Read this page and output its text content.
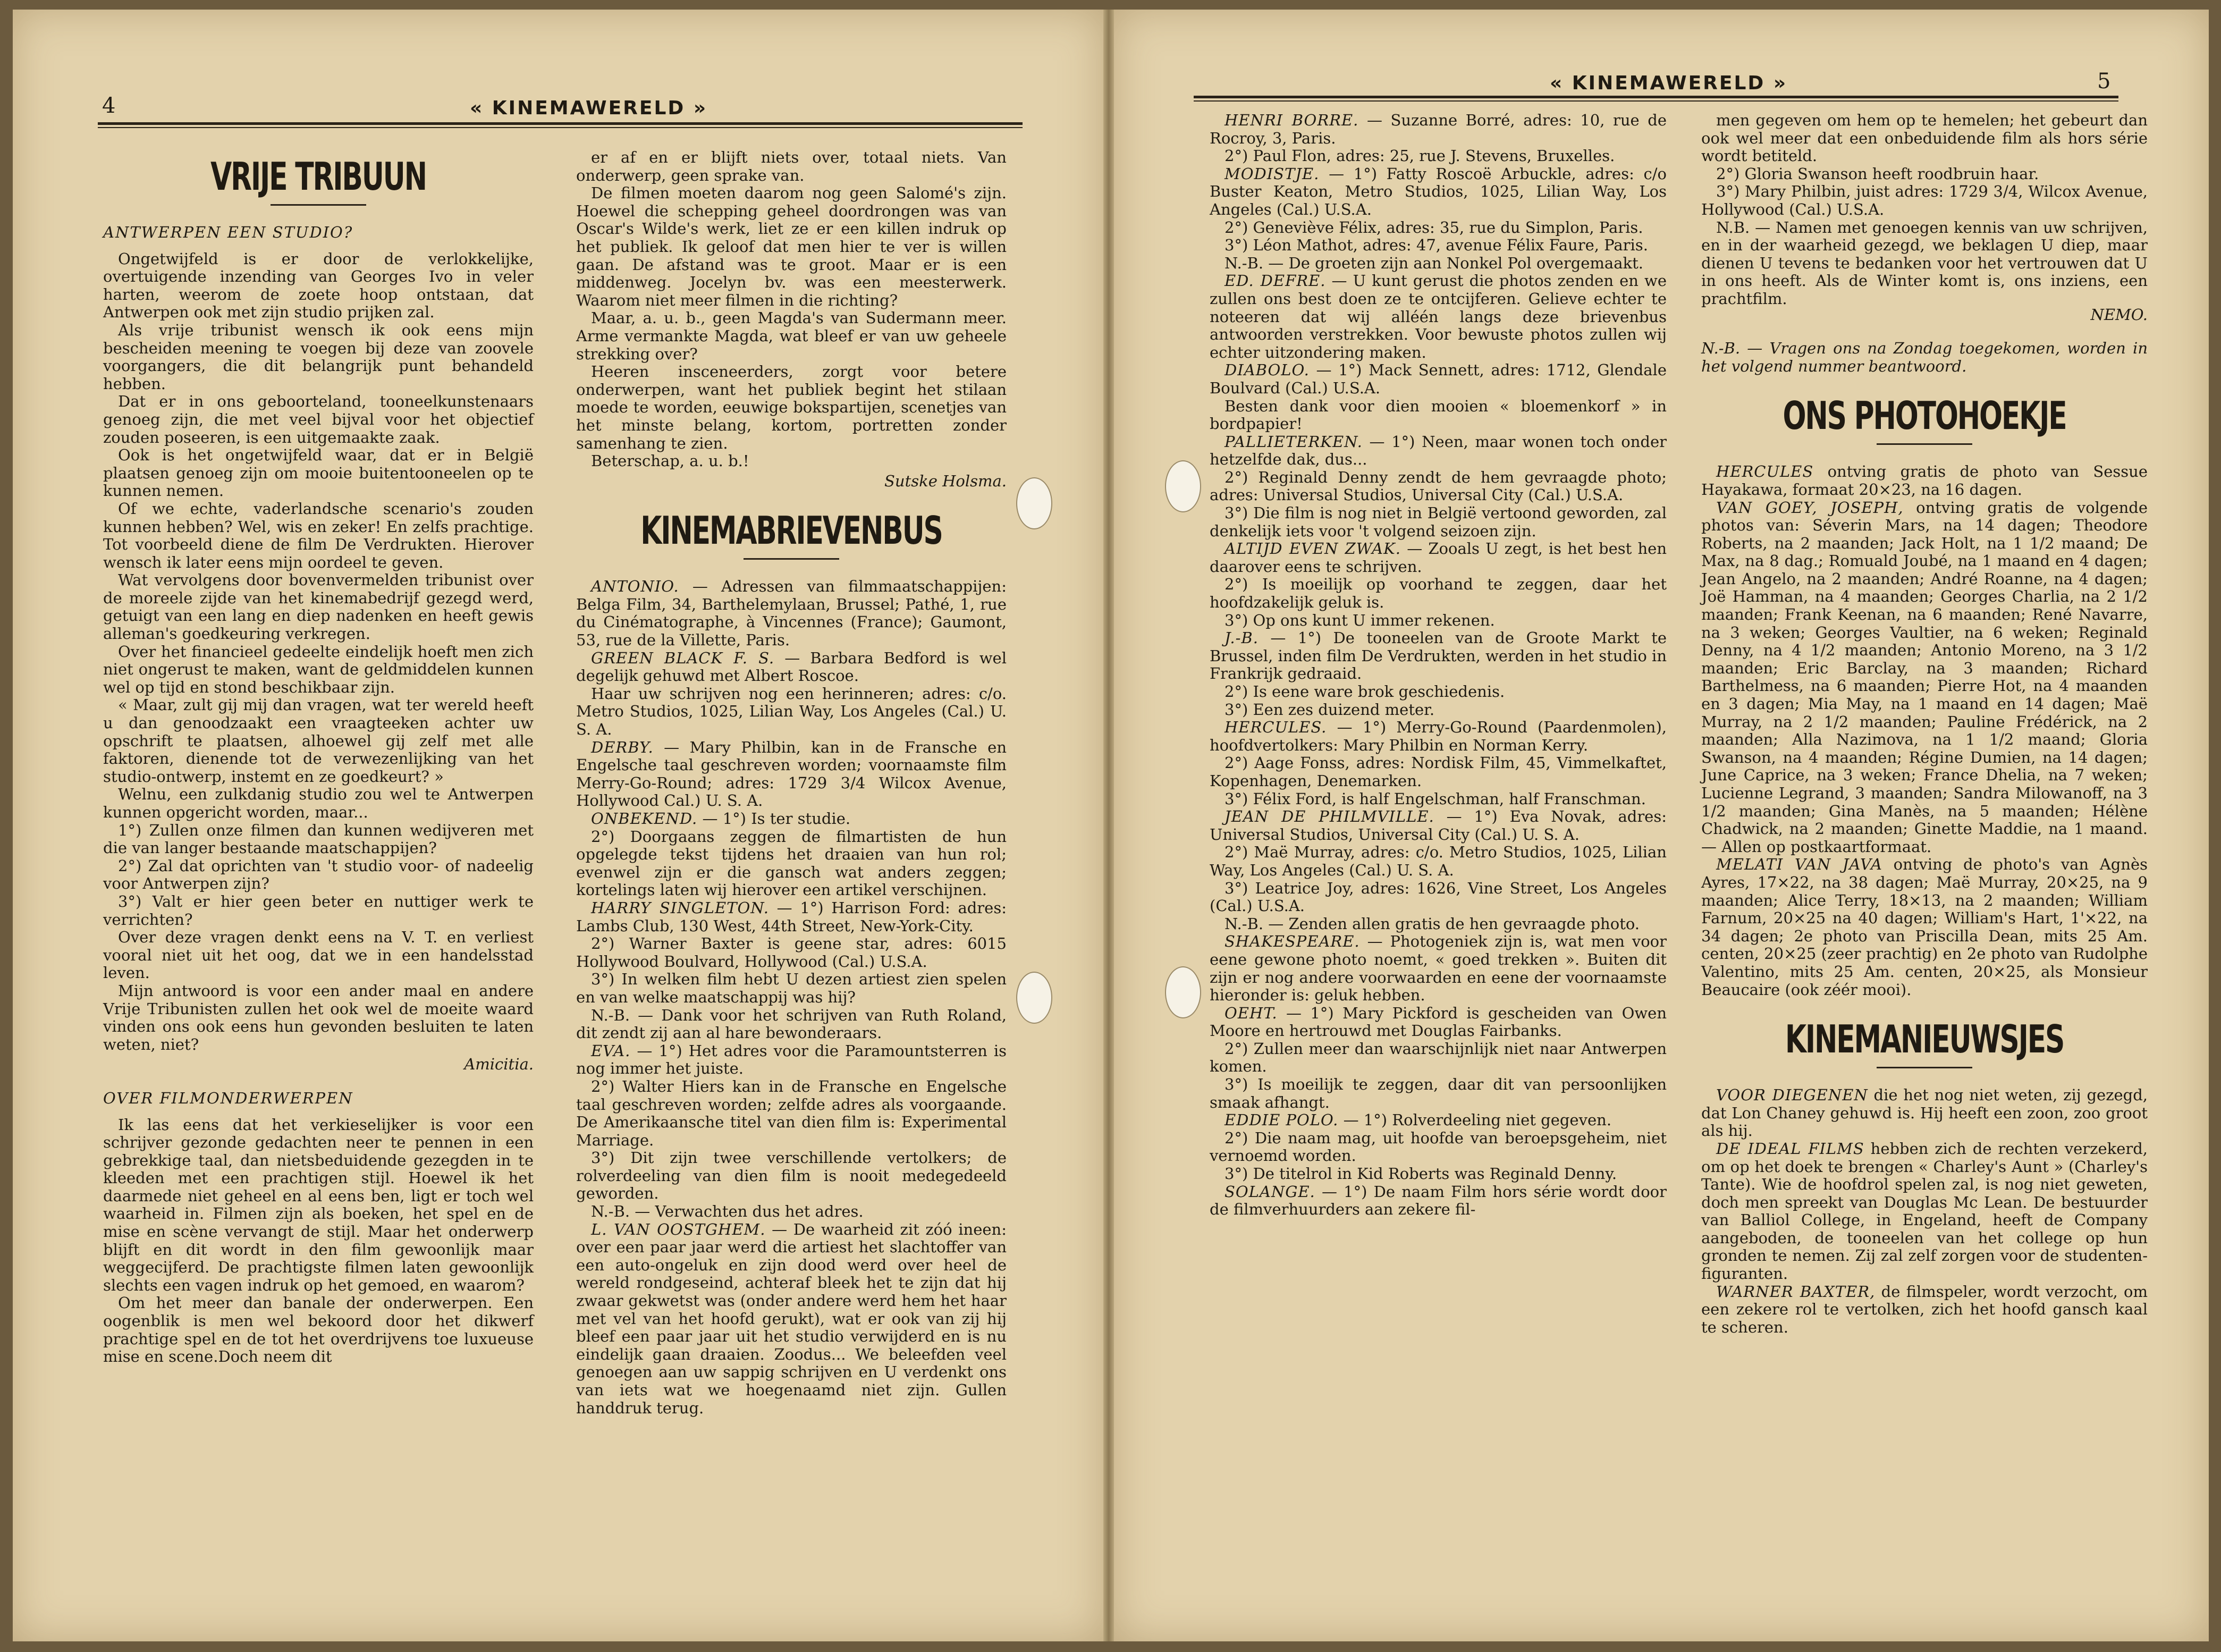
4	« KINEMAWERELD »
VRIJE TRIBUUN

ANTWERPEN EEN STUDIO?

Ongetwijfeld is er door de verlokkelijke, overtuigende inzending van Georges Ivo in veler harten, weerom de zoete hoop ontstaan, dat Antwerpen ook met zijn studio prijken zal.

Als vrije tribunist wensch ik ook eens mijn bescheiden meening te voegen bij deze van zoovele voorgangers, die dit belangrijk punt behandeld hebben.

Dat er in ons geboorteland, tooneelkunstenaars genoeg zijn, die met veel bijval voor het objectief zouden poseeren, is een uitgemaakte zaak.

Ook is het ongetwijfeld waar, dat er in België plaatsen genoeg zijn om mooie buitentooneelen op te kunnen nemen.

Of we echte, vaderlandsche scenario's zouden kunnen hebben? Wel, wis en zeker! En zelfs prachtige. Tot voorbeeld diene de film De Verdrukten. Hierover wensch ik later eens mijn oordeel te geven.

Wat vervolgens door bovenvermelden tribunist over de moreele zijde van het kinemabedrijf gezegd werd, getuigt van een lang en diep nadenken en heeft gewis alleman's goedkeuring verkregen.

Over het financieel gedeelte eindelijk hoeft men zich niet ongerust te maken, want de geldmiddelen kunnen wel op tijd en stond beschikbaar zijn.

« Maar, zult gij mij dan vragen, wat ter wereld heeft u dan genoodzaakt een vraagteeken achter uw opschrift te plaatsen, alhoewel gij zelf met alle faktoren, dienende tot de verwezenlijking van het studio-ontwerp, instemt en ze goedkeurt? »

Welnu, een zulkdanig studio zou wel te Antwerpen kunnen opgericht worden, maar...

1°) Zullen onze filmen dan kunnen wedijveren met die van langer bestaande maatschappijen?

2°) Zal dat oprichten van 't studio voor- of nadeelig voor Antwerpen zijn?

3°) Valt er hier geen beter en nuttiger werk te verrichten?

Over deze vragen denkt eens na V. T. en verliest vooral niet uit het oog, dat we in een handelsstad leven.

Mijn antwoord is voor een ander maal en andere Vrije Tribunisten zullen het ook wel de moeite waard vinden ons ook eens hun gevonden besluiten te laten weten, niet?

Amicitia.

OVER FILMONDERWERPEN

Ik las eens dat het verkieselijker is voor een schrijver gezonde gedachten neer te pennen in een gebrekkige taal, dan nietsbeduidende gezegden in te kleeden met een prachtigen stijl. Hoewel ik het daarmede niet geheel en al eens ben, ligt er toch wel waarheid in. Filmen zijn als boeken, het spel en de mise en scène vervangt de stijl. Maar het onderwerp blijft en dit wordt in den film gewoonlijk maar weggecijferd. De prachtigste filmen laten gewoonlijk slechts een vagen indruk op het gemoed, en waarom?

Om het meer dan banale der onderwerpen. Een oogenblik is men wel bekoord door het dikwerf prachtige spel en de tot het overdrijvens toe luxueuse mise en scene.Doch neem dit

er af en er blijft niets over, totaal niets. Van onderwerp, geen sprake van.

De filmen moeten daarom nog geen Salomé's zijn. Hoewel die schepping geheel doordrongen was van Oscar's Wilde's werk, liet ze er een killen indruk op het publiek. Ik geloof dat men hier te ver is willen gaan. De afstand was te groot. Maar er is een middenweg. Jocelyn bv. was een meesterwerk. Waarom niet meer filmen in die richting?

Maar, a. u. b., geen Magda's van Sudermann meer. Arme vermankte Magda, wat bleef er van uw geheele strekking over?

Heeren insceneerders, zorgt voor betere onderwerpen, want het publiek begint het stilaan moede te worden, eeuwige bokspartijen, scenetjes van het minste belang, kortom, portretten zonder samenhang te zien.

Beterschap, a. u. b.!

Sutske Holsma.

KINEMABRIEVENBUS

ANTONIO. — Adressen van filmmaatschappijen: Belga Film, 34, Barthelemylaan, Brussel; Pathé, 1, rue du Cinématographe, à Vincennes (France); Gaumont, 53, rue de la Villette, Paris.

GREEN BLACK F. S. — Barbara Bedford is wel degelijk gehuwd met Albert Roscoe.

Haar uw schrijven nog een herinneren; adres: c/o. Metro Studios, 1025, Lilian Way, Los Angeles (Cal.) U. S. A.

DERBY. — Mary Philbin, kan in de Fransche en Engelsche taal geschreven worden; voornaamste film Merry-Go-Round; adres: 1729 3/4 Wilcox Avenue, Hollywood Cal.) U. S. A.

ONBEKEND. — 1°) Is ter studie.

2°) Doorgaans zeggen de filmartisten de hun opgelegde tekst tijdens het draaien van hun rol; evenwel zijn er die gansch wat anders zeggen; kortelings laten wij hierover een artikel verschijnen.

HARRY SINGLETON. — 1°) Harrison Ford: adres: Lambs Club, 130 West, 44th Street, New-York-City.

2°) Warner Baxter is geene star, adres: 6015 Hollywood Boulvard, Hollywood (Cal.) U.S.A.

3°) In welken film hebt U dezen artiest zien spelen en van welke maatschappij was hij?

N.-B. — Dank voor het schrijven van Ruth Roland, dit zendt zij aan al hare bewonderaars.

EVA. — 1°) Het adres voor die Paramountsterren is nog immer het juiste.

2°) Walter Hiers kan in de Fransche en Engelsche taal geschreven worden; zelfde adres als voorgaande. De Amerikaansche titel van dien film is: Experimental Marriage.

3°) Dit zijn twee verschillende vertolkers; de rolverdeeling van dien film is nooit medegedeeld geworden.

N.-B. — Verwachten dus het adres.

L. VAN OOSTGHEM. — De waarheid zit zóó ineen: over een paar jaar werd die artiest het slachtoffer van een auto-ongeluk en zijn dood werd over heel de wereld rondgeseind, achteraf bleek het te zijn dat hij zwaar gekwetst was (onder andere werd hem het haar met vel van het hoofd gerukt), wat er ook van zij hij bleef een paar jaar uit het studio verwijderd en is nu eindelijk gaan draaien. Zoodus... We beleefden veel genoegen aan uw sappig schrijven en U verdenkt ons van iets wat we hoegenaamd niet zijn. Gullen handdruk terug.

« KINEMAWERELD »	5

HENRI BORRE. — Suzanne Borré, adres: 10, rue de Rocroy, 3, Paris.

2°) Paul Flon, adres: 25, rue J. Stevens, Bruxelles.

MODISTJE. — 1°) Fatty Roscoë Arbuckle, adres: c/o Buster Keaton, Metro Studios, 1025, Lilian Way, Los Angeles (Cal.) U.S.A.

2°) Geneviève Félix, adres: 35, rue du Simplon, Paris.

3°) Léon Mathot, adres: 47, avenue Félix Faure, Paris.

N.-B. — De groeten zijn aan Nonkel Pol overgemaakt.

ED. DEFRE. — U kunt gerust die photos zenden en we zullen ons best doen ze te ontcijferen. Gelieve echter te noteeren dat wij alléén langs deze brievenbus antwoorden verstrekken. Voor bewuste photos zullen wij echter uitzondering maken.

DIABOLO. — 1°) Mack Sennett, adres: 1712, Glendale Boulvard (Cal.) U.S.A.

Besten dank voor dien mooien « bloemenkorf » in bordpapier!

PALLIETERKEN. — 1°) Neen, maar wonen toch onder hetzelfde dak, dus...

2°) Reginald Denny zendt de hem gevraagde photo; adres: Universal Studios, Universal City (Cal.) U.S.A.

3°) Die film is nog niet in België vertoond geworden, zal denkelijk iets voor 't volgend seizoen zijn.

ALTIJD EVEN ZWAK. — Zooals U zegt, is het best hen daarover eens te schrijven.

2°) Is moeilijk op voorhand te zeggen, daar het hoofdzakelijk geluk is.

3°) Op ons kunt U immer rekenen.

J.-B. — 1°) De tooneelen van de Groote Markt te Brussel, inden film De Verdrukten, werden in het studio in Frankrijk gedraaid.

2°) Is eene ware brok geschiedenis.

3°) Een zes duizend meter.

HERCULES. — 1°) Merry-Go-Round (Paardenmolen), hoofdvertolkers: Mary Philbin en Norman Kerry.

2°) Aage Fonss, adres: Nordisk Film, 45, Vimmelkaftet, Kopenhagen, Denemarken.

3°) Félix Ford, is half Engelschman, half Franschman.

JEAN DE PHILMVILLE. — 1°) Eva Novak, adres: Universal Studios, Universal City (Cal.) U. S. A.

2°) Maë Murray, adres: c/o. Metro Studios, 1025, Lilian Way, Los Angeles (Cal.) U. S. A.

3°) Leatrice Joy, adres: 1626, Vine Street, Los Angeles (Cal.) U.S.A.

N.-B. — Zenden allen gratis de hen gevraagde photo.

SHAKESPEARE. — Photogeniek zijn is, wat men voor eene gewone photo noemt, « goed trekken ». Buiten dit zijn er nog andere voorwaarden en eene der voornaamste hieronder is: geluk hebben.

OEHT. — 1°) Mary Pickford is gescheiden van Owen Moore en hertrouwd met Douglas Fairbanks.

2°) Zullen meer dan waarschijnlijk niet naar Antwerpen komen.

3°) Is moeilijk te zeggen, daar dit van persoonlijken smaak afhangt.

EDDIE POLO. — 1°) Rolverdeeling niet gegeven.

2°) Die naam mag, uit hoofde van beroepsgeheim, niet vernoemd worden.

3°) De titelrol in Kid Roberts was Reginald Denny.

SOLANGE. — 1°) De naam Film hors série wordt door de filmverhuurders aan zekere fil-

men gegeven om hem op te hemelen; het gebeurt dan ook wel meer dat een onbeduidende film als hors série wordt betiteld.

2°) Gloria Swanson heeft roodbruin haar.

3°) Mary Philbin, juist adres: 1729 3/4, Wilcox Avenue, Hollywood (Cal.) U.S.A.

N.B. — Namen met genoegen kennis van uw schrijven, en in der waarheid gezegd, we beklagen U diep, maar dienen U tevens te bedanken voor het vertrouwen dat U in ons heeft. Als de Winter komt is, ons inziens, een prachtfilm.

NEMO.

N.-B. — Vragen ons na Zondag toegekomen, worden in het volgend nummer beantwoord.

ONS PHOTOHOEKJE

HERCULES ontving gratis de photo van Sessue Hayakawa, formaat 20×23, na 16 dagen.

VAN GOEY, JOSEPH, ontving gratis de volgende photos van: Séverin Mars, na 14 dagen; Theodore Roberts, na 2 maanden; Jack Holt, na 1 1/2 maand; De Max, na 8 dag.; Romuald Joubé, na 1 maand en 4 dagen; Jean Angelo, na 2 maanden; André Roanne, na 4 dagen; Joë Hamman, na 4 maanden; Georges Charlia, na 2 1/2 maanden; Frank Keenan, na 6 maanden; René Navarre, na 3 weken; Georges Vaultier, na 6 weken; Reginald Denny, na 4 1/2 maanden; Antonio Moreno, na 3 1/2 maanden; Eric Barclay, na 3 maanden; Richard Barthelmess, na 6 maanden; Pierre Hot, na 4 maanden en 3 dagen; Mia May, na 1 maand en 14 dagen; Maë Murray, na 2 1/2 maanden; Pauline Frédérick, na 2 maanden; Alla Nazimova, na 1 1/2 maand; Gloria Swanson, na 4 maanden; Régine Dumien, na 14 dagen; June Caprice, na 3 weken; France Dhelia, na 7 weken; Lucienne Legrand, 3 maanden; Sandra Milowanoff, na 3 1/2 maanden; Gina Manès, na 5 maanden; Hélène Chadwick, na 2 maanden; Ginette Maddie, na 1 maand. — Allen op postkaartformaat.

MELATI VAN JAVA ontving de photo's van Agnès Ayres, 17×22, na 38 dagen; Maë Murray, 20×25, na 9 maanden; Alice Terry, 18×13, na 2 maanden; William Farnum, 20×25 na 40 dagen; William's Hart, 1'×22, na 34 dagen; 2e photo van Priscilla Dean, mits 25 Am. centen, 20×25 (zeer prachtig) en 2e photo van Rudolphe Valentino, mits 25 Am. centen, 20×25, als Monsieur Beaucaire (ook zéér mooi).

KINEMANIEUWSJES

VOOR DIEGENEN die het nog niet weten, zij gezegd, dat Lon Chaney gehuwd is. Hij heeft een zoon, zoo groot als hij.

DE IDEAL FILMS hebben zich de rechten verzekerd, om op het doek te brengen « Charley's Aunt » (Charley's Tante). Wie de hoofdrol spelen zal, is nog niet geweten, doch men spreekt van Douglas Mc Lean. De bestuurder van Balliol College, in Engeland, heeft de Company aangeboden, de tooneelen van het college op hun gronden te nemen. Zij zal zelf zorgen voor de studenten-figuranten.

WARNER BAXTER, de filmspeler, wordt verzocht, om een zekere rol te vertolken, zich het hoofd gansch kaal te scheren.
